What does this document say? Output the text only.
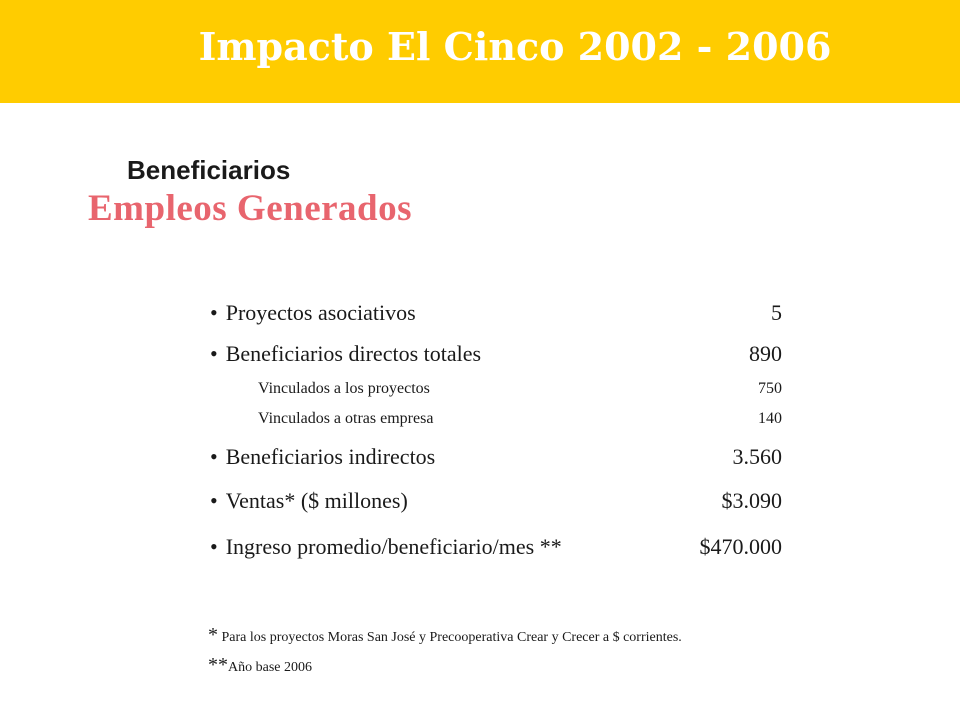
Impacto El Cinco 2002 - 2006
Beneficiarios
Empleos Generados
• Proyectos asociativos	5
• Beneficiarios directos totales	890
Vinculados a los proyectos	750
Vinculados a otras empresa	140
• Beneficiarios indirectos	3.560
• Ventas* ($ millones)	$3.090
• Ingreso promedio/beneficiario/mes **	$470.000
* Para los proyectos Moras San José y Precooperativa Crear y Crecer a $ corrientes.
**Año base 2006
